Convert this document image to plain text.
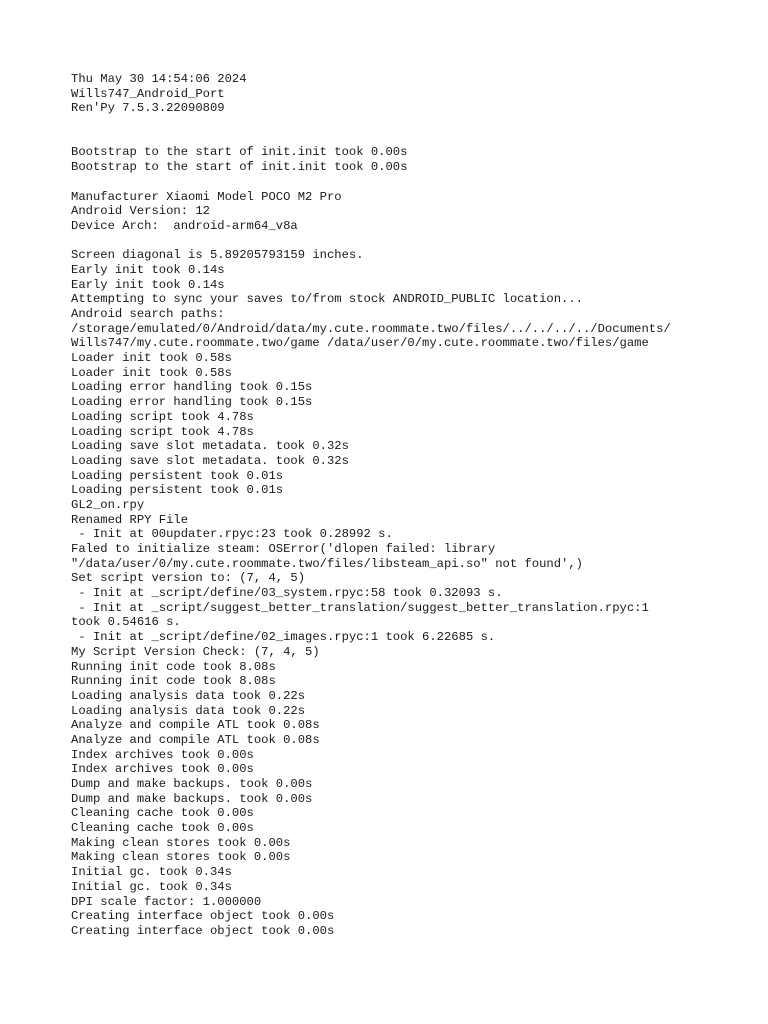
Thu May 30 14:54:06 2024
Wills747_Android_Port
Ren'Py 7.5.3.22090809
Bootstrap to the start of init.init took 0.00s
Bootstrap to the start of init.init took 0.00s
Manufacturer Xiaomi Model POCO M2 Pro
Android Version: 12
Device Arch:  android-arm64_v8a
Screen diagonal is 5.89205793159 inches.
Early init took 0.14s
Early init took 0.14s
Attempting to sync your saves to/from stock ANDROID_PUBLIC location...
Android search paths:
/storage/emulated/0/Android/data/my.cute.roommate.two/files/../../../../Documents/
Wills747/my.cute.roommate.two/game /data/user/0/my.cute.roommate.two/files/game
Loader init took 0.58s
Loader init took 0.58s
Loading error handling took 0.15s
Loading error handling took 0.15s
Loading script took 4.78s
Loading script took 4.78s
Loading save slot metadata. took 0.32s
Loading save slot metadata. took 0.32s
Loading persistent took 0.01s
Loading persistent took 0.01s
GL2_on.rpy
Renamed RPY File
- Init at 00updater.rpyc:23 took 0.28992 s.
Faled to initialize steam: OSError('dlopen failed: library
"/data/user/0/my.cute.roommate.two/files/libsteam_api.so" not found',)
Set script version to: (7, 4, 5)
- Init at _script/define/03_system.rpyc:58 took 0.32093 s.
- Init at _script/suggest_better_translation/suggest_better_translation.rpyc:1
took 0.54616 s.
- Init at _script/define/02_images.rpyc:1 took 6.22685 s.
My Script Version Check: (7, 4, 5)
Running init code took 8.08s
Running init code took 8.08s
Loading analysis data took 0.22s
Loading analysis data took 0.22s
Analyze and compile ATL took 0.08s
Analyze and compile ATL took 0.08s
Index archives took 0.00s
Index archives took 0.00s
Dump and make backups. took 0.00s
Dump and make backups. took 0.00s
Cleaning cache took 0.00s
Cleaning cache took 0.00s
Making clean stores took 0.00s
Making clean stores took 0.00s
Initial gc. took 0.34s
Initial gc. took 0.34s
DPI scale factor: 1.000000
Creating interface object took 0.00s
Creating interface object took 0.00s
